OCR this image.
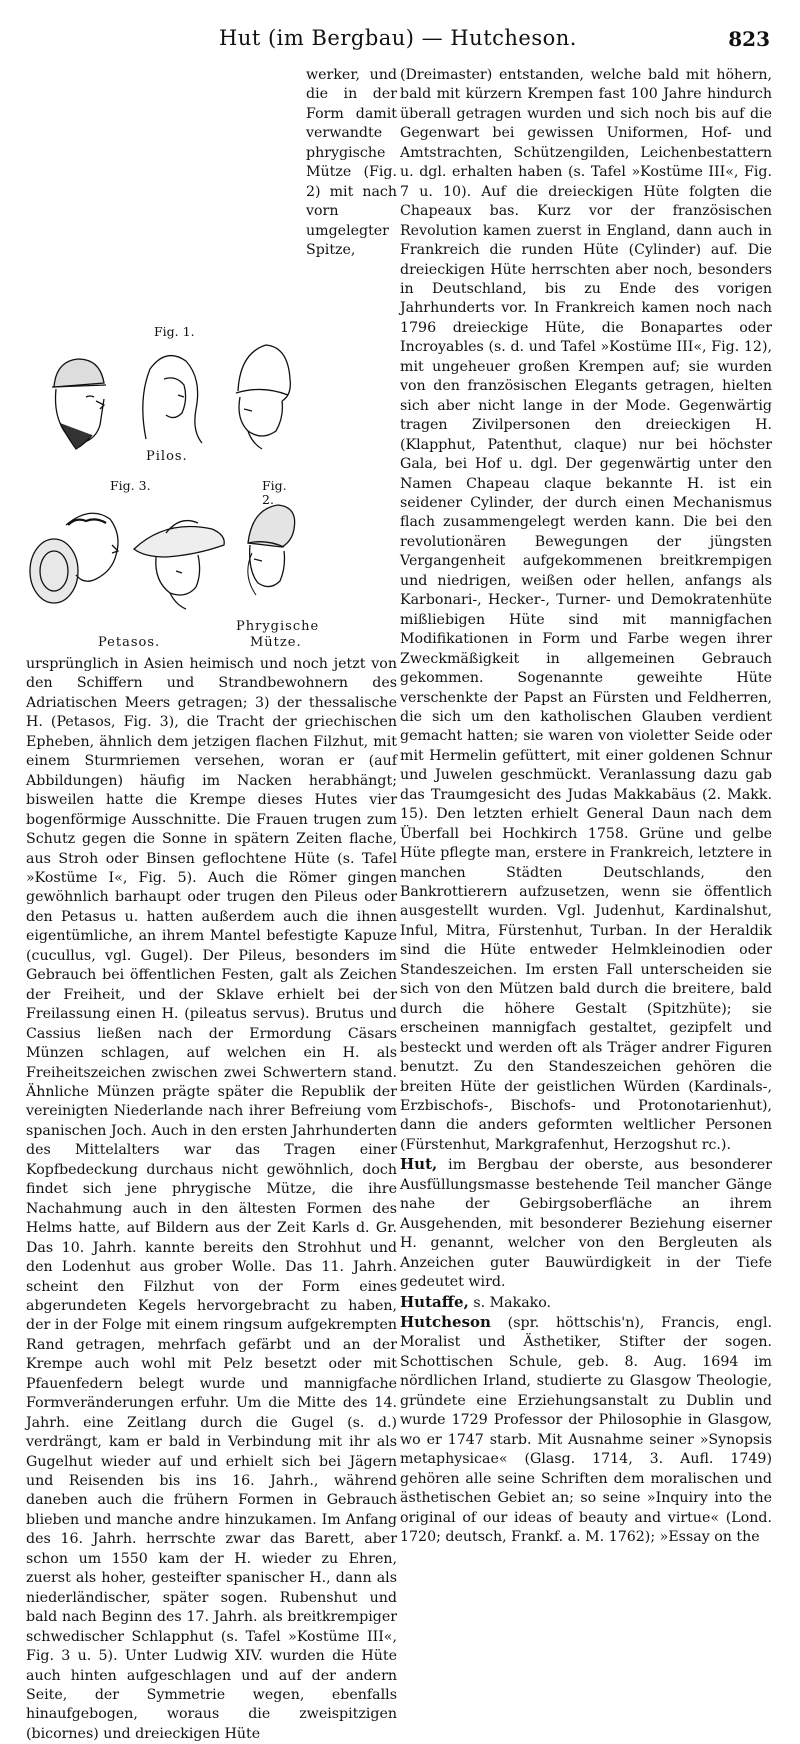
Hut (im Bergbau) — Hutcheson.	823
Fig. 1.
Pilos.
Fig. 3.	Fig. 2.
Phrygische
Petasos.	Mütze.

werker, und die in der Form damit verwandte phrygische Mütze (Fig. 2) mit nach vorn umgelegter Spitze, ursprünglich in Asien heimisch und noch jetzt von den Schiffern und Strandbewohnern des Adriatischen Meers getragen; 3) der thessalische H. (Petasos, Fig. 3), die Tracht der griechischen Epheben, ähnlich dem jetzigen flachen Filzhut, mit einem Sturmriemen versehen, woran er (auf Abbildungen) häufig im Nacken herabhängt; bisweilen hatte die Krempe dieses Hutes vier bogenförmige Ausschnitte. Die Frauen trugen zum Schutz gegen die Sonne in spätern Zeiten flache, aus Stroh oder Binsen geflochtene Hüte (s. Tafel »Kostüme I«, Fig. 5). Auch die Römer gingen gewöhnlich barhaupt oder trugen den Pileus oder den Petasus u. hatten außerdem auch die ihnen eigentümliche, an ihrem Mantel befestigte Kapuze (cucullus, vgl. Gugel). Der Pileus, besonders im Gebrauch bei öffentlichen Festen, galt als Zeichen der Freiheit, und der Sklave erhielt bei der Freilassung einen H. (pileatus servus). Brutus und Cassius ließen nach der Ermordung Cäsars Münzen schlagen, auf welchen ein H. als Freiheitszeichen zwischen zwei Schwertern stand. Ähnliche Münzen prägte später die Republik der vereinigten Niederlande nach ihrer Befreiung vom spanischen Joch. Auch in den ersten Jahrhunderten des Mittelalters war das Tragen einer Kopfbedeckung durchaus nicht gewöhnlich, doch findet sich jene phrygische Mütze, die ihre Nachahmung auch in den ältesten Formen des Helms hatte, auf Bildern aus der Zeit Karls d. Gr. Das 10. Jahrh. kannte bereits den Strohhut und den Lodenhut aus grober Wolle. Das 11. Jahrh. scheint den Filzhut von der Form eines abgerundeten Kegels hervorgebracht zu haben, der in der Folge mit einem ringsum aufgekrempten Rand getragen, mehrfach gefärbt und an der Krempe auch wohl mit Pelz besetzt oder mit Pfauenfedern belegt wurde und mannigfache Formveränderungen erfuhr. Um die Mitte des 14. Jahrh. eine Zeitlang durch die Gugel (s. d.) verdrängt, kam er bald in Verbindung mit ihr als Gugelhut wieder auf und erhielt sich bei Jägern und Reisenden bis ins 16. Jahrh., während daneben auch die frühern Formen in Gebrauch blieben und manche andre hinzukamen. Im Anfang des 16. Jahrh. herrschte zwar das Barett, aber schon um 1550 kam der H. wieder zu Ehren, zuerst als hoher, gesteifter spanischer H., dann als niederländischer, später sogen. Rubenshut und bald nach Beginn des 17. Jahrh. als breitkrempiger schwedischer Schlapphut (s. Tafel »Kostüme III«, Fig. 3 u. 5). Unter Ludwig XIV. wurden die Hüte auch hinten aufgeschlagen und auf der andern Seite, der Symmetrie wegen, ebenfalls hinaufgebogen, woraus die zweispitzigen (bicornes) und dreieckigen Hüte

(Dreimaster) entstanden, welche bald mit höhern, bald mit kürzern Krempen fast 100 Jahre hindurch überall getragen wurden und sich noch bis auf die Gegenwart bei gewissen Uniformen, Hof- und Amtstrachten, Schützengilden, Leichenbestattern u. dgl. erhalten haben (s. Tafel »Kostüme III«, Fig. 7 u. 10). Auf die dreieckigen Hüte folgten die Chapeaux bas. Kurz vor der französischen Revolution kamen zuerst in England, dann auch in Frankreich die runden Hüte (Cylinder) auf. Die dreieckigen Hüte herrschten aber noch, besonders in Deutschland, bis zu Ende des vorigen Jahrhunderts vor. In Frankreich kamen noch nach 1796 dreieckige Hüte, die Bonapartes oder Incroyables (s. d. und Tafel »Kostüme III«, Fig. 12), mit ungeheuer großen Krempen auf; sie wurden von den französischen Elegants getragen, hielten sich aber nicht lange in der Mode. Gegenwärtig tragen Zivilpersonen den dreieckigen H. (Klapphut, Patenthut, claque) nur bei höchster Gala, bei Hof u. dgl. Der gegenwärtig unter den Namen Chapeau claque bekannte H. ist ein seidener Cylinder, der durch einen Mechanismus flach zusammengelegt werden kann. Die bei den revolutionären Bewegungen der jüngsten Vergangenheit aufgekommenen breitkrempigen und niedrigen, weißen oder hellen, anfangs als Karbonari-, Hecker-, Turner- und Demokratenhüte mißliebigen Hüte sind mit mannigfachen Modifikationen in Form und Farbe wegen ihrer Zweckmäßigkeit in allgemeinen Gebrauch gekommen. Sogenannte geweihte Hüte verschenkte der Papst an Fürsten und Feldherren, die sich um den katholischen Glauben verdient gemacht hatten; sie waren von violetter Seide oder mit Hermelin gefüttert, mit einer goldenen Schnur und Juwelen geschmückt. Veranlassung dazu gab das Traumgesicht des Judas Makkabäus (2. Makk. 15). Den letzten erhielt General Daun nach dem Überfall bei Hochkirch 1758. Grüne und gelbe Hüte pflegte man, erstere in Frankreich, letztere in manchen Städten Deutschlands, den Bankrottierern aufzusetzen, wenn sie öffentlich ausgestellt wurden. Vgl. Judenhut, Kardinalshut, Inful, Mitra, Fürstenhut, Turban. In der Heraldik sind die Hüte entweder Helmkleinodien oder Standeszeichen. Im ersten Fall unterscheiden sie sich von den Mützen bald durch die breitere, bald durch die höhere Gestalt (Spitzhüte); sie erscheinen mannigfach gestaltet, gezipfelt und besteckt und werden oft als Träger andrer Figuren benutzt. Zu den Standeszeichen gehören die breiten Hüte der geistlichen Würden (Kardinals-, Erzbischofs-, Bischofs- und Protonotarienhut), dann die anders geformten weltlicher Personen (Fürstenhut, Markgrafenhut, Herzogshut rc.).

Hut, im Bergbau der oberste, aus besonderer Ausfüllungsmasse bestehende Teil mancher Gänge nahe der Gebirgsoberfläche an ihrem Ausgehenden, mit besonderer Beziehung eiserner H. genannt, welcher von den Bergleuten als Anzeichen guter Bauwürdigkeit in der Tiefe gedeutet wird.

Hutaffe, s. Makako.

Hutcheson (spr. höttschis'n), Francis, engl. Moralist und Ästhetiker, Stifter der sogen. Schottischen Schule, geb. 8. Aug. 1694 im nördlichen Irland, studierte zu Glasgow Theologie, gründete eine Erziehungsanstalt zu Dublin und wurde 1729 Professor der Philosophie in Glasgow, wo er 1747 starb. Mit Ausnahme seiner »Synopsis metaphysicae« (Glasg. 1714, 3. Aufl. 1749) gehören alle seine Schriften dem moralischen und ästhetischen Gebiet an; so seine »Inquiry into the original of our ideas of beauty and virtue« (Lond. 1720; deutsch, Frankf. a. M. 1762); »Essay on the
